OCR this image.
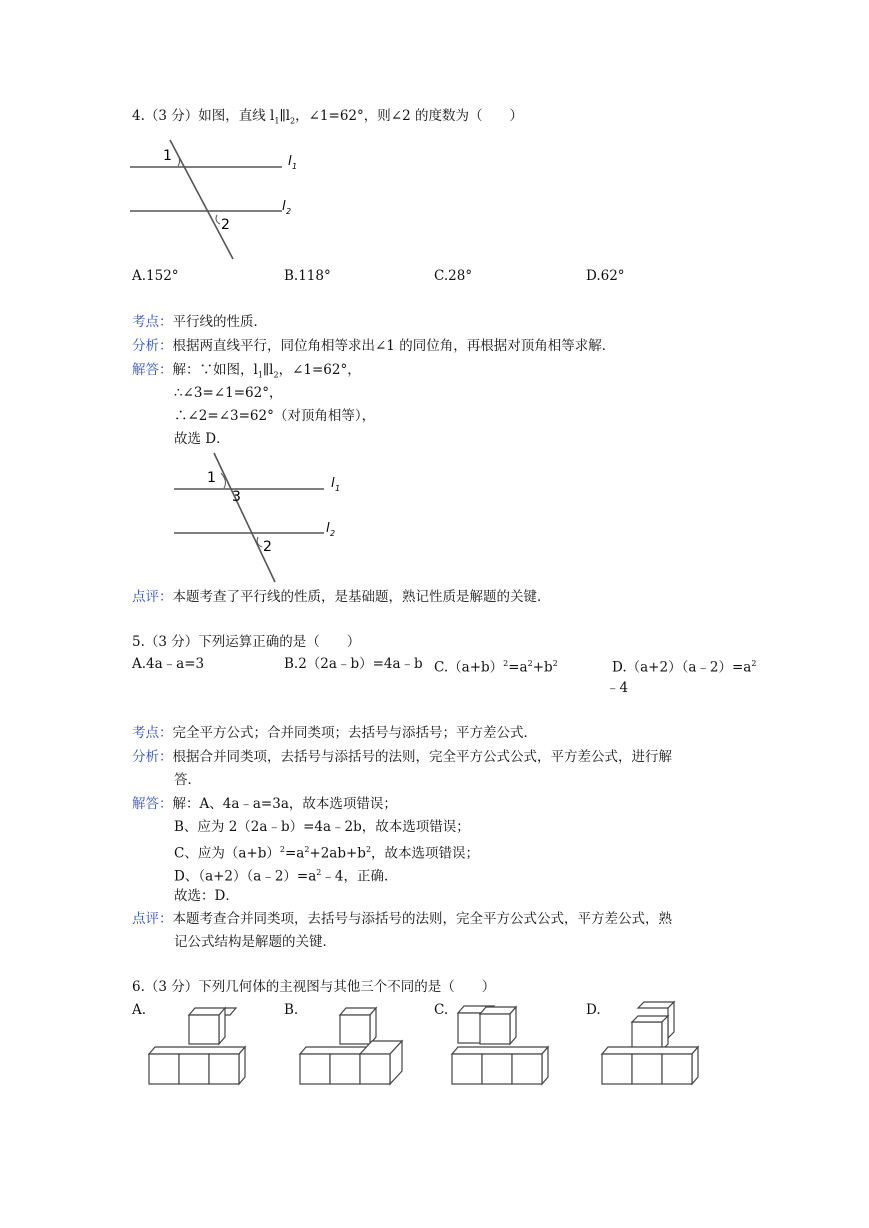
4.（3 分）如图，直线 $l_1\parallel l_2$，∠1=62°，则∠2 的度数为（　　）
1
2
l 1
l 2
A.152°	B.118°	C.28°	D.62°
考点：平行线的性质．
分析：根据两直线平行，同位角相等求出∠1 的同位角，再根据对顶角相等求解．
解答：解：∵如图，$l_1\parallel l_2$，∠1=62°，
∴∠3=∠1=62°，
∴∠2=∠3=62°（对顶角相等），
故选 D．
1
3
2
l 1
l 2
点评：本题考查了平行线的性质，是基础题，熟记性质是解题的关键．
5.（3 分）下列运算正确的是（　　）
A.4a﹣a=3	B.2（2a﹣b）=4a﹣b $C.(a+b)^2=a^2+b^2$	$D.(a+2)(a﹣2)=a^2$
﹣4
考点：完全平方公式；合并同类项；去括号与添括号；平方差公式．
分析：根据合并同类项，去括号与添括号的法则，完全平方公式公式，平方差公式，进行解
答．
解答：解：A、4a﹣a=3a，故本选项错误；
B、应为 2（2a﹣b）=4a﹣2b，故本选项错误；
C、应为$(a+b)^2=a^2+2ab+b^2$，故本选项错误；
D、$(a+2)(a﹣2)=a^2﹣4$，正确．
故选：D．
点评：本题考查合并同类项，去括号与添括号的法则，完全平方公式公式，平方差公式，熟
记公式结构是解题的关键．
6.（3 分）下列几何体的主视图与其他三个不同的是（　　）
A.	B.	C.	D.
